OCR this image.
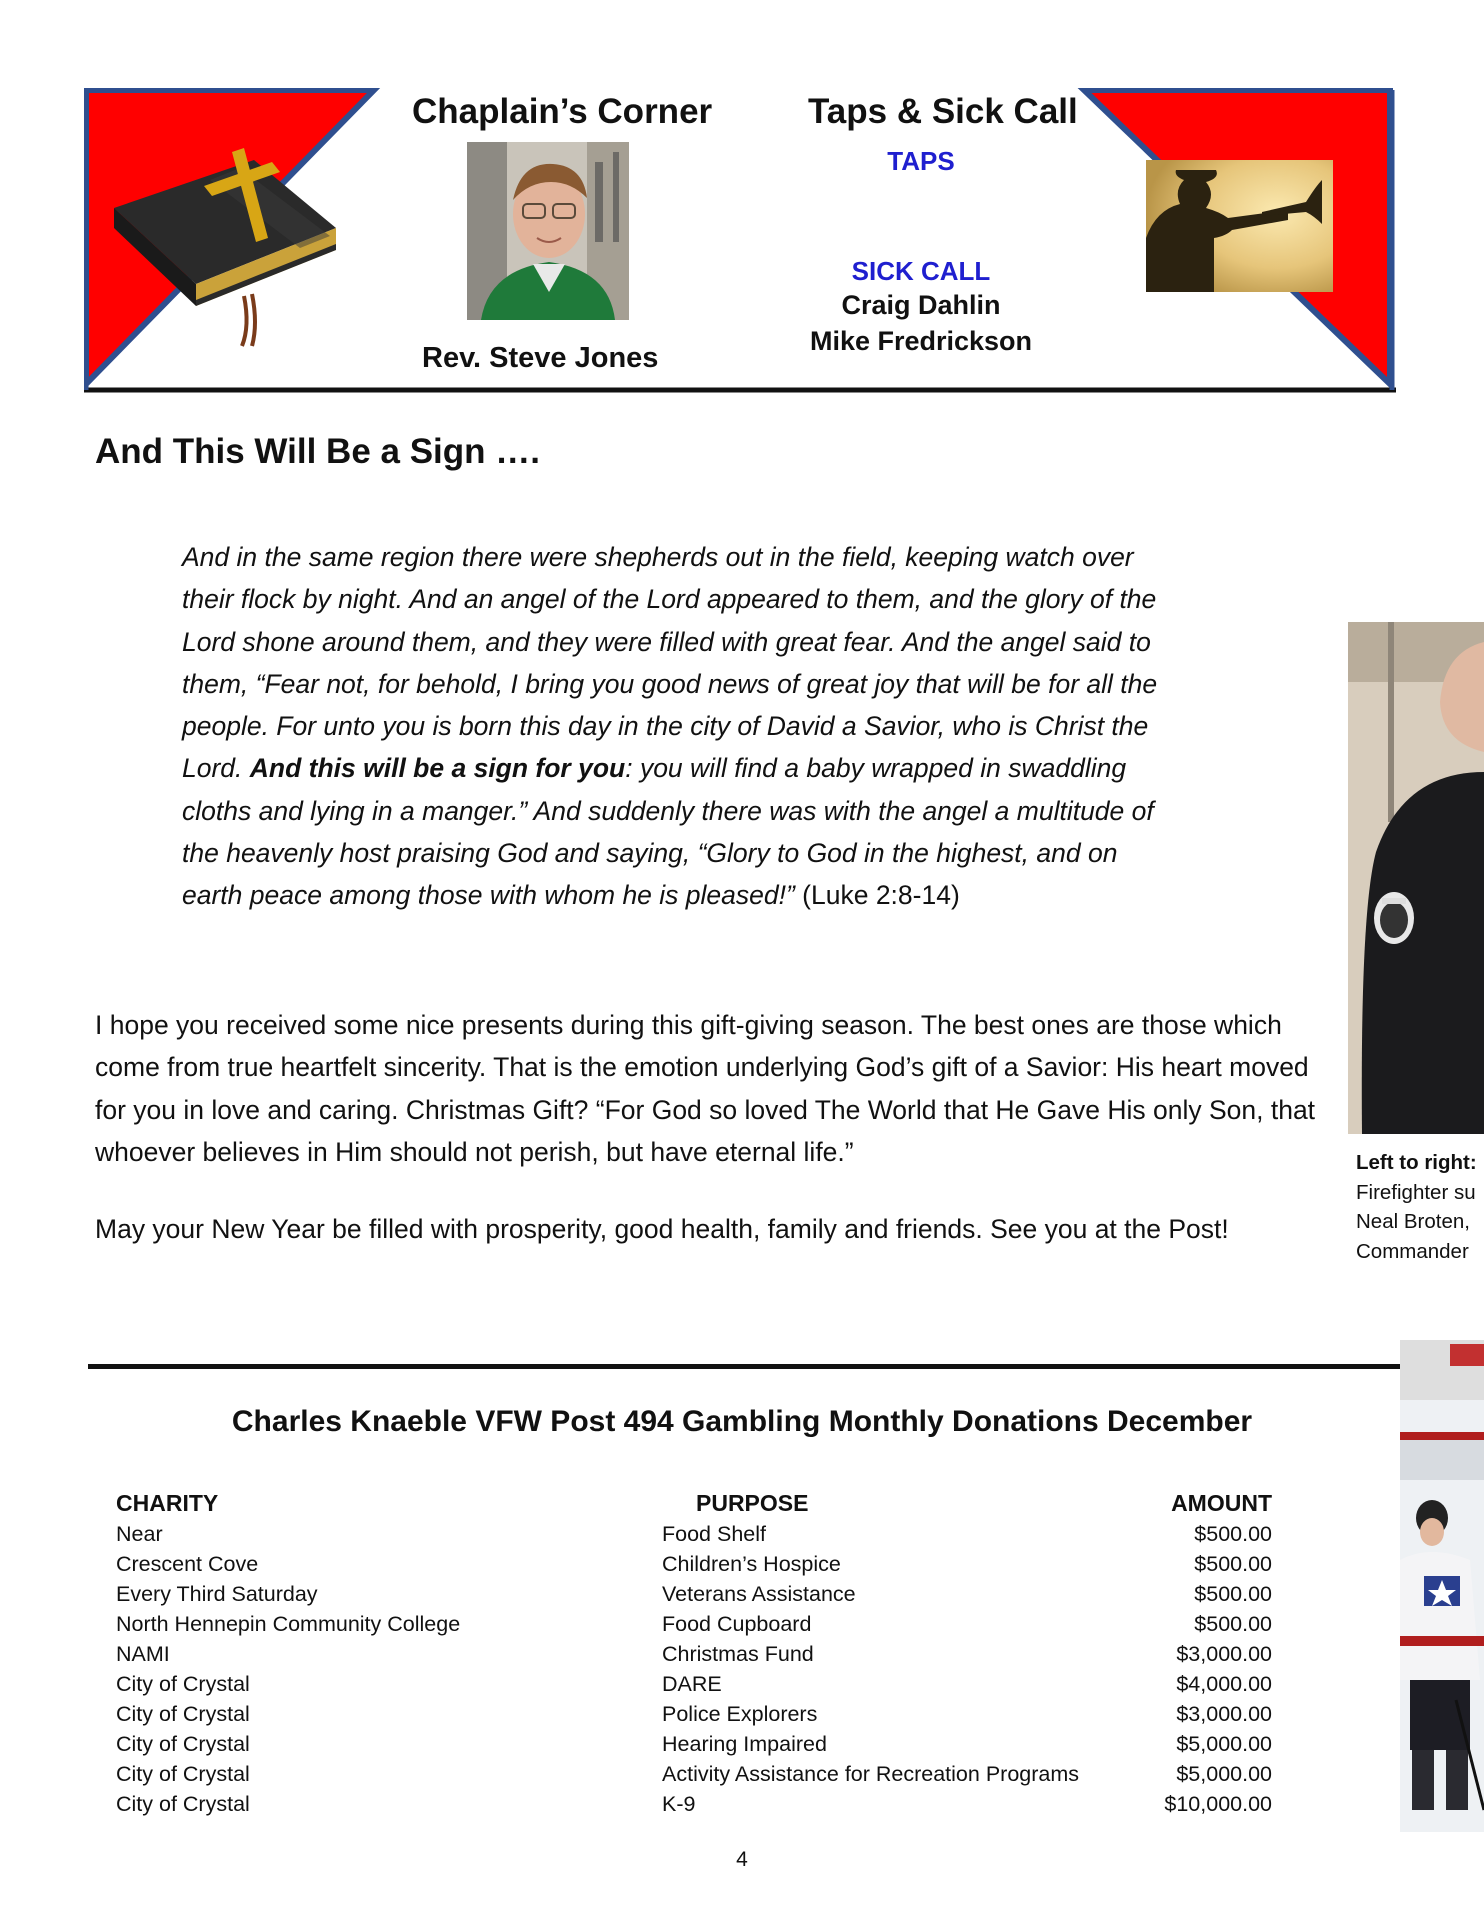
Chaplain’s Corner
Rev. Steve Jones
Taps & Sick Call
TAPS
SICK CALL
Craig Dahlin
Mike Fredrickson
And This Will Be a Sign ….
And in the same region there were shepherds out in the field, keeping watch over their flock by night. And an angel of the Lord appeared to them, and the glory of the Lord shone around them, and they were filled with great fear. And the angel said to them, “Fear not, for behold, I bring you good news of great joy that will be for all the people. For unto you is born this day in the city of David a Savior, who is Christ the Lord. And this will be a sign for you: you will find a baby wrapped in swaddling cloths and lying in a manger.” And suddenly there was with the angel a multitude of the heavenly host praising God and saying, “Glory to God in the highest, and on earth peace among those with whom he is pleased!” (Luke 2:8-14)
I hope you received some nice presents during this gift-giving season. The best ones are those which come from true heartfelt sincerity. That is the emotion underlying God’s gift of a Savior: His heart moved for you in love and caring. Christmas Gift? “For God so loved The World that He Gave His only Son, that whoever believes in Him should not perish, but have eternal life.”
May your New Year be filled with prosperity, good health, family and friends. See you at the Post!
Left to right:
Firefighter su
Neal Broten,
Commander
Charles Knaeble VFW Post 494 Gambling Monthly Donations December
CHARITY	PURPOSE	AMOUNT
Near	Food Shelf	$500.00
Crescent Cove	Children’s Hospice	$500.00
Every Third Saturday	Veterans Assistance	$500.00
North Hennepin Community College	Food Cupboard	$500.00
NAMI	Christmas Fund	$3,000.00
City of Crystal	DARE	$4,000.00
City of Crystal	Police Explorers	$3,000.00
City of Crystal	Hearing Impaired	$5,000.00
City of Crystal	Activity Assistance for Recreation Programs	$5,000.00
City of Crystal	K-9	$10,000.00
4
